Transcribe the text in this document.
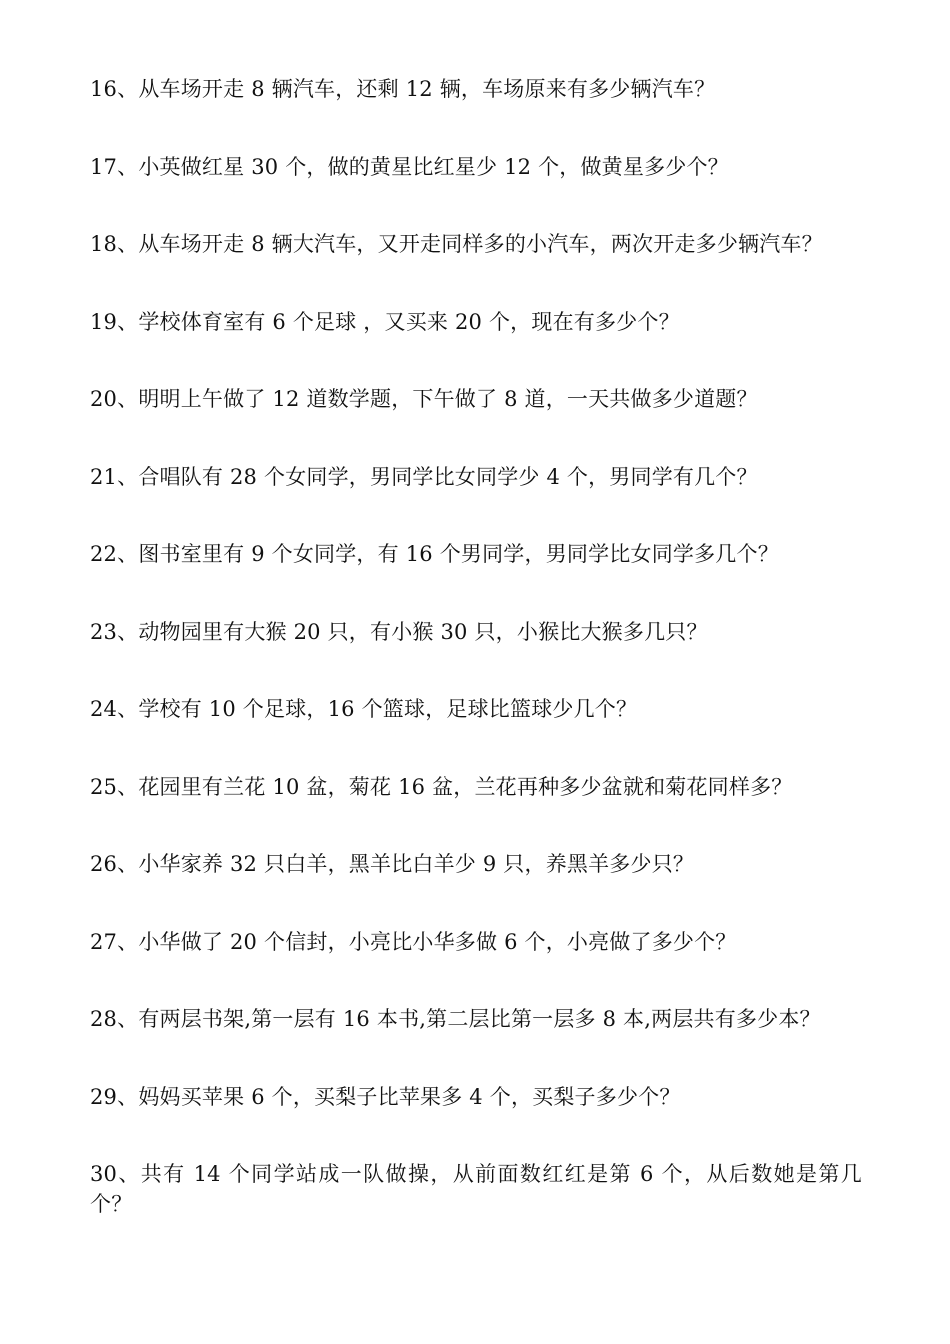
16、从车场开走 8 辆汽车，还剩 12 辆，车场原来有多少辆汽车？
17、小英做红星 30 个，做的黄星比红星少 12 个，做黄星多少个？
18、从车场开走 8 辆大汽车，又开走同样多的小汽车，两次开走多少辆汽车？
19、学校体育室有 6 个足球 ，又买来 20 个，现在有多少个？
20、明明上午做了 12 道数学题，下午做了 8 道，一天共做多少道题？
21、合唱队有 28 个女同学，男同学比女同学少 4 个，男同学有几个？
22、图书室里有 9 个女同学，有 16 个男同学，男同学比女同学多几个？
23、动物园里有大猴 20 只，有小猴 30 只，小猴比大猴多几只？
24、学校有 10 个足球，16 个篮球，足球比篮球少几个？
25、花园里有兰花 10 盆，菊花 16 盆，兰花再种多少盆就和菊花同样多？
26、小华家养 32 只白羊，黑羊比白羊少 9 只，养黑羊多少只？
27、小华做了 20 个信封，小亮比小华多做 6 个，小亮做了多少个？
28、有两层书架,第一层有 16 本书,第二层比第一层多 8 本,两层共有多少本？
29、妈妈买苹果 6 个，买梨子比苹果多 4 个，买梨子多少个？
30、共有 14 个同学站成一队做操，从前面数红红是第 6 个，从后数她是第几个？
